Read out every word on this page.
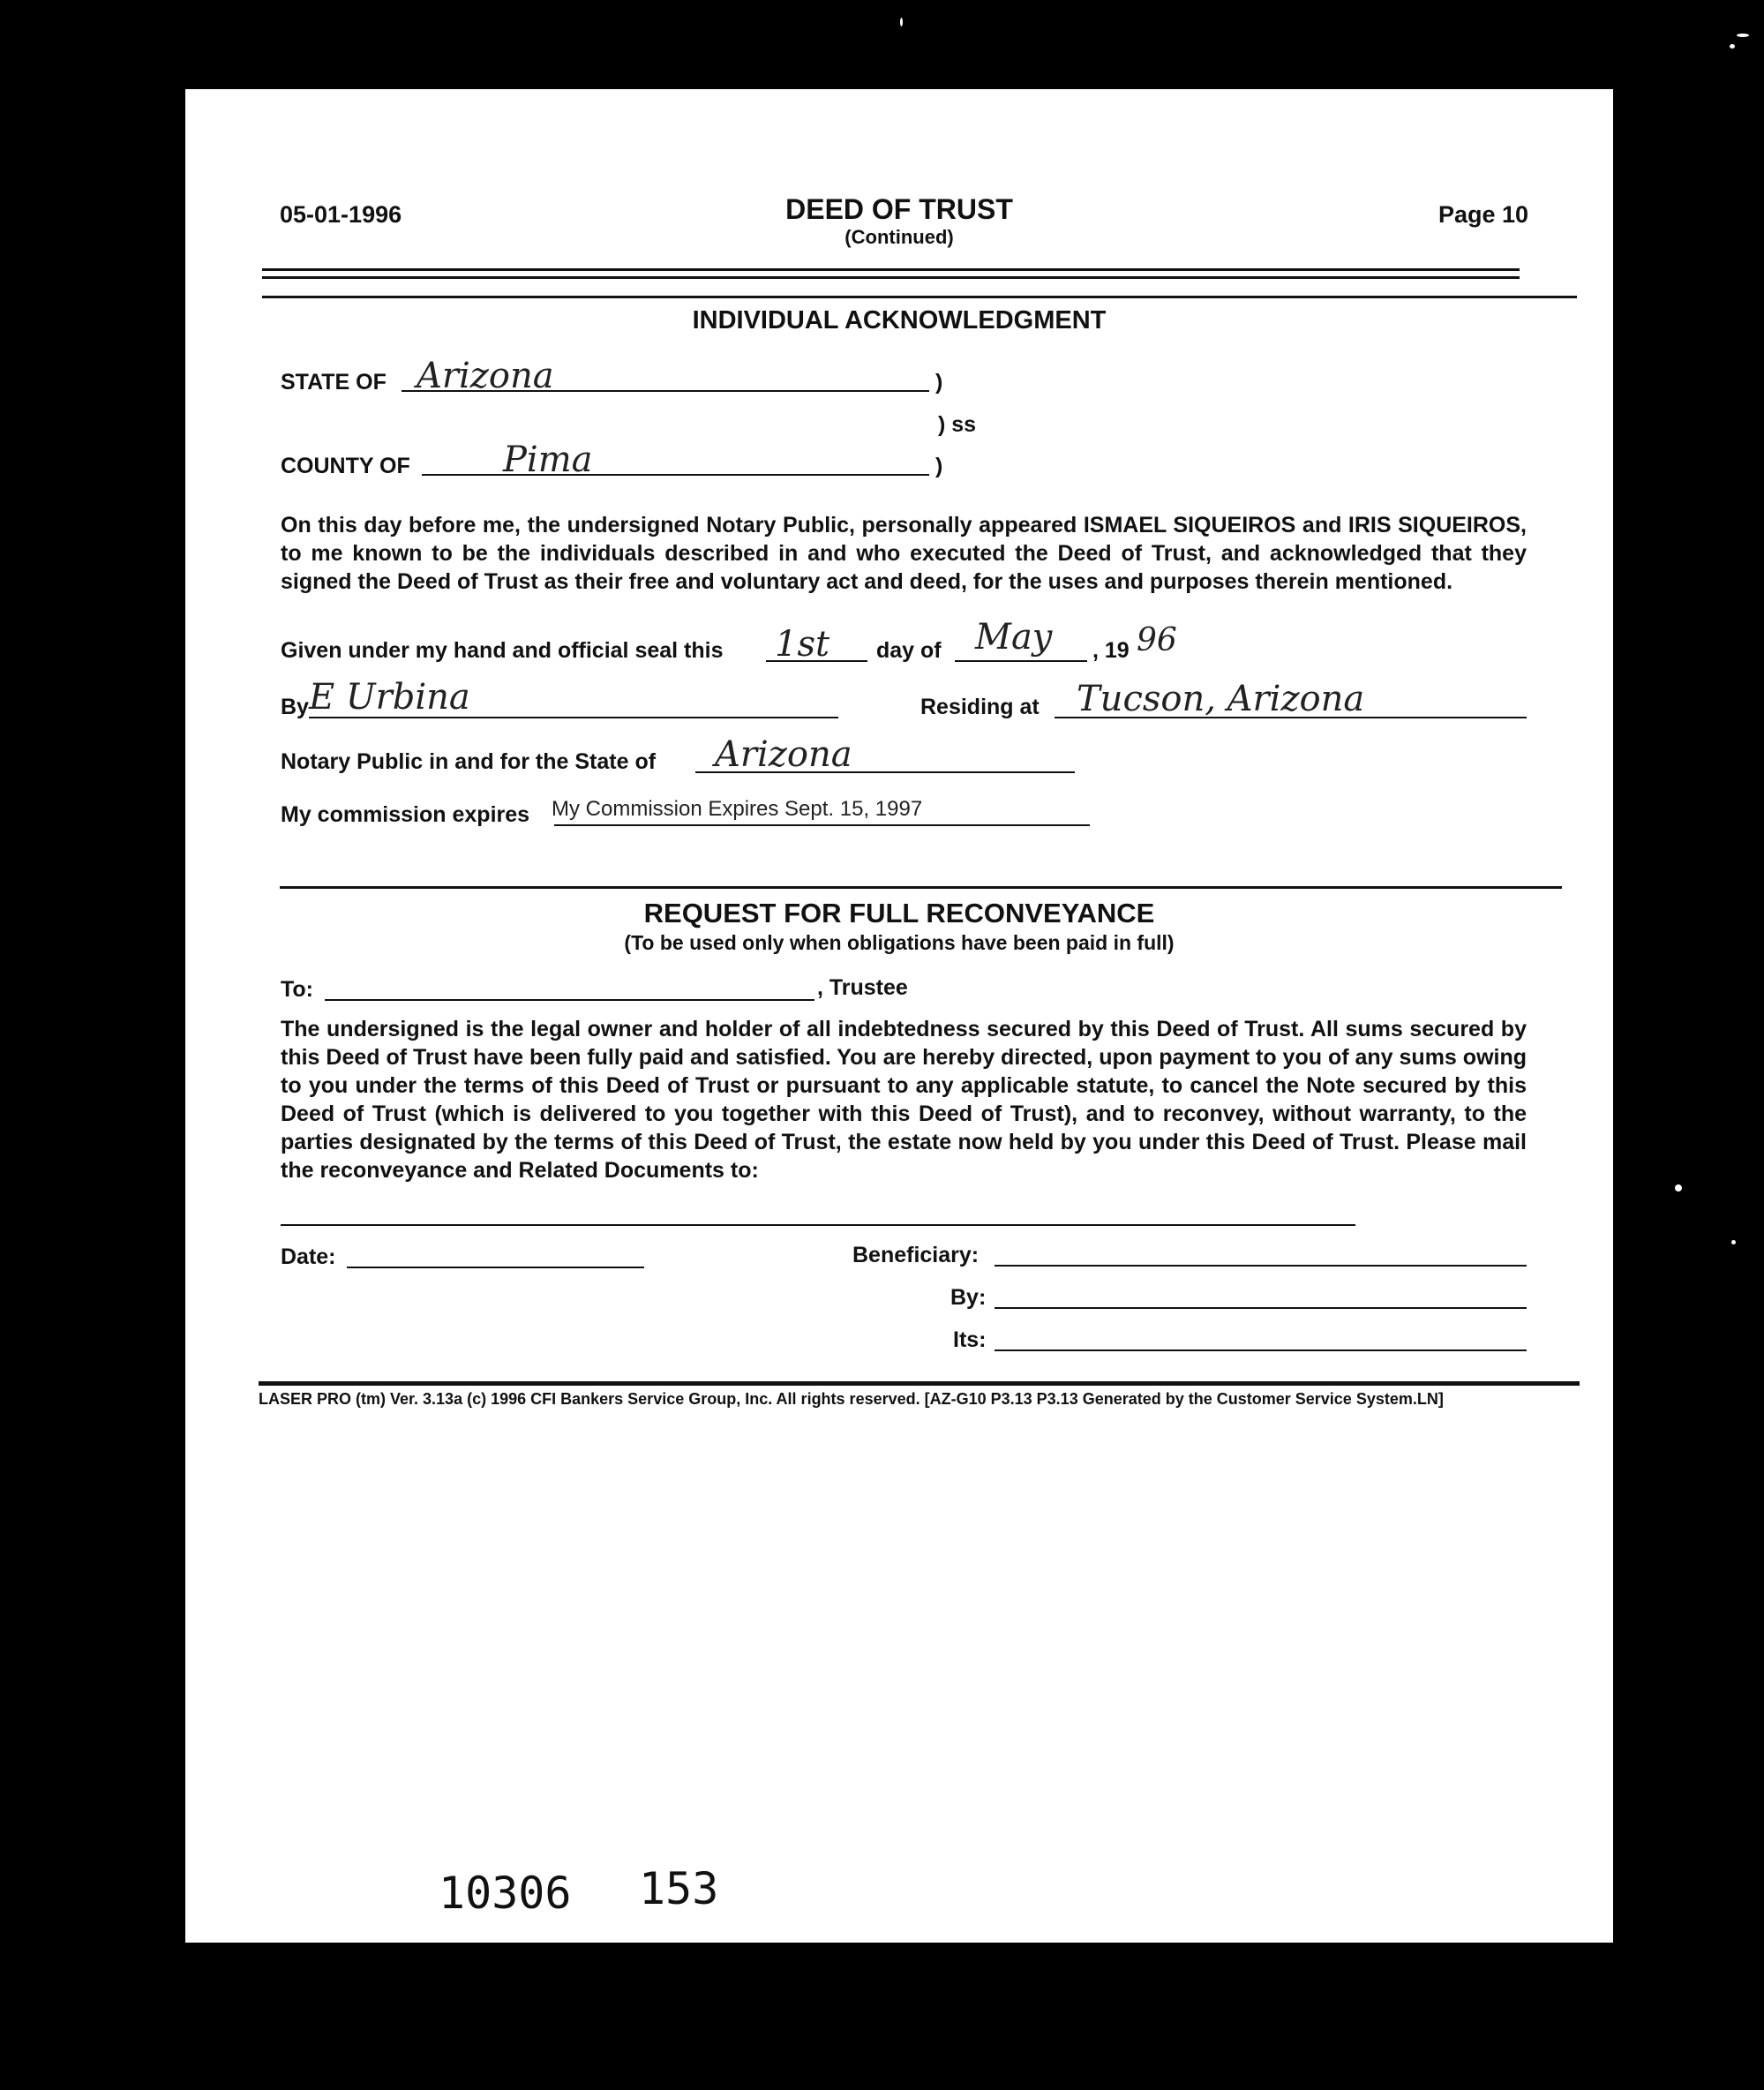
05-01-1996	DEED OF TRUST
(Continued)
Page 10
INDIVIDUAL ACKNOWLEDGMENT
STATE OF Arizona	)
) ss
COUNTY OF	Pima	)
On this day before me, the undersigned Notary Public, personally appeared ISMAEL SIQUEIROS and IRIS SIQUEIROS, to me known to be the individuals described in and who executed the Deed of Trust, and acknowledged that they signed the Deed of Trust as their free and voluntary act and deed, for the uses and purposes therein mentioned.
Given under my hand and official seal this 1st day of May , 19 96
By E Urbina	Residing at Tucson, Arizona
Notary Public in and for the State of Arizona
My commission expires My Commission Expires Sept. 15, 1997
REQUEST FOR FULL RECONVEYANCE
(To be used only when obligations have been paid in full)
To:	, Trustee
The undersigned is the legal owner and holder of all indebtedness secured by this Deed of Trust. All sums secured by this Deed of Trust have been fully paid and satisfied. You are hereby directed, upon payment to you of any sums owing to you under the terms of this Deed of Trust or pursuant to any applicable statute, to cancel the Note secured by this Deed of Trust (which is delivered to you together with this Deed of Trust), and to reconvey, without warranty, to the parties designated by the terms of this Deed of Trust, the estate now held by you under this Deed of Trust. Please mail the reconveyance and Related Documents to:
Date:	Beneficiary:
By:
Its:
LASER PRO (tm) Ver. 3.13a (c) 1996 CFI Bankers Service Group, Inc. All rights reserved. [AZ-G10 P3.13 P3.13 Generated by the Customer Service System.LN]
10306 153
